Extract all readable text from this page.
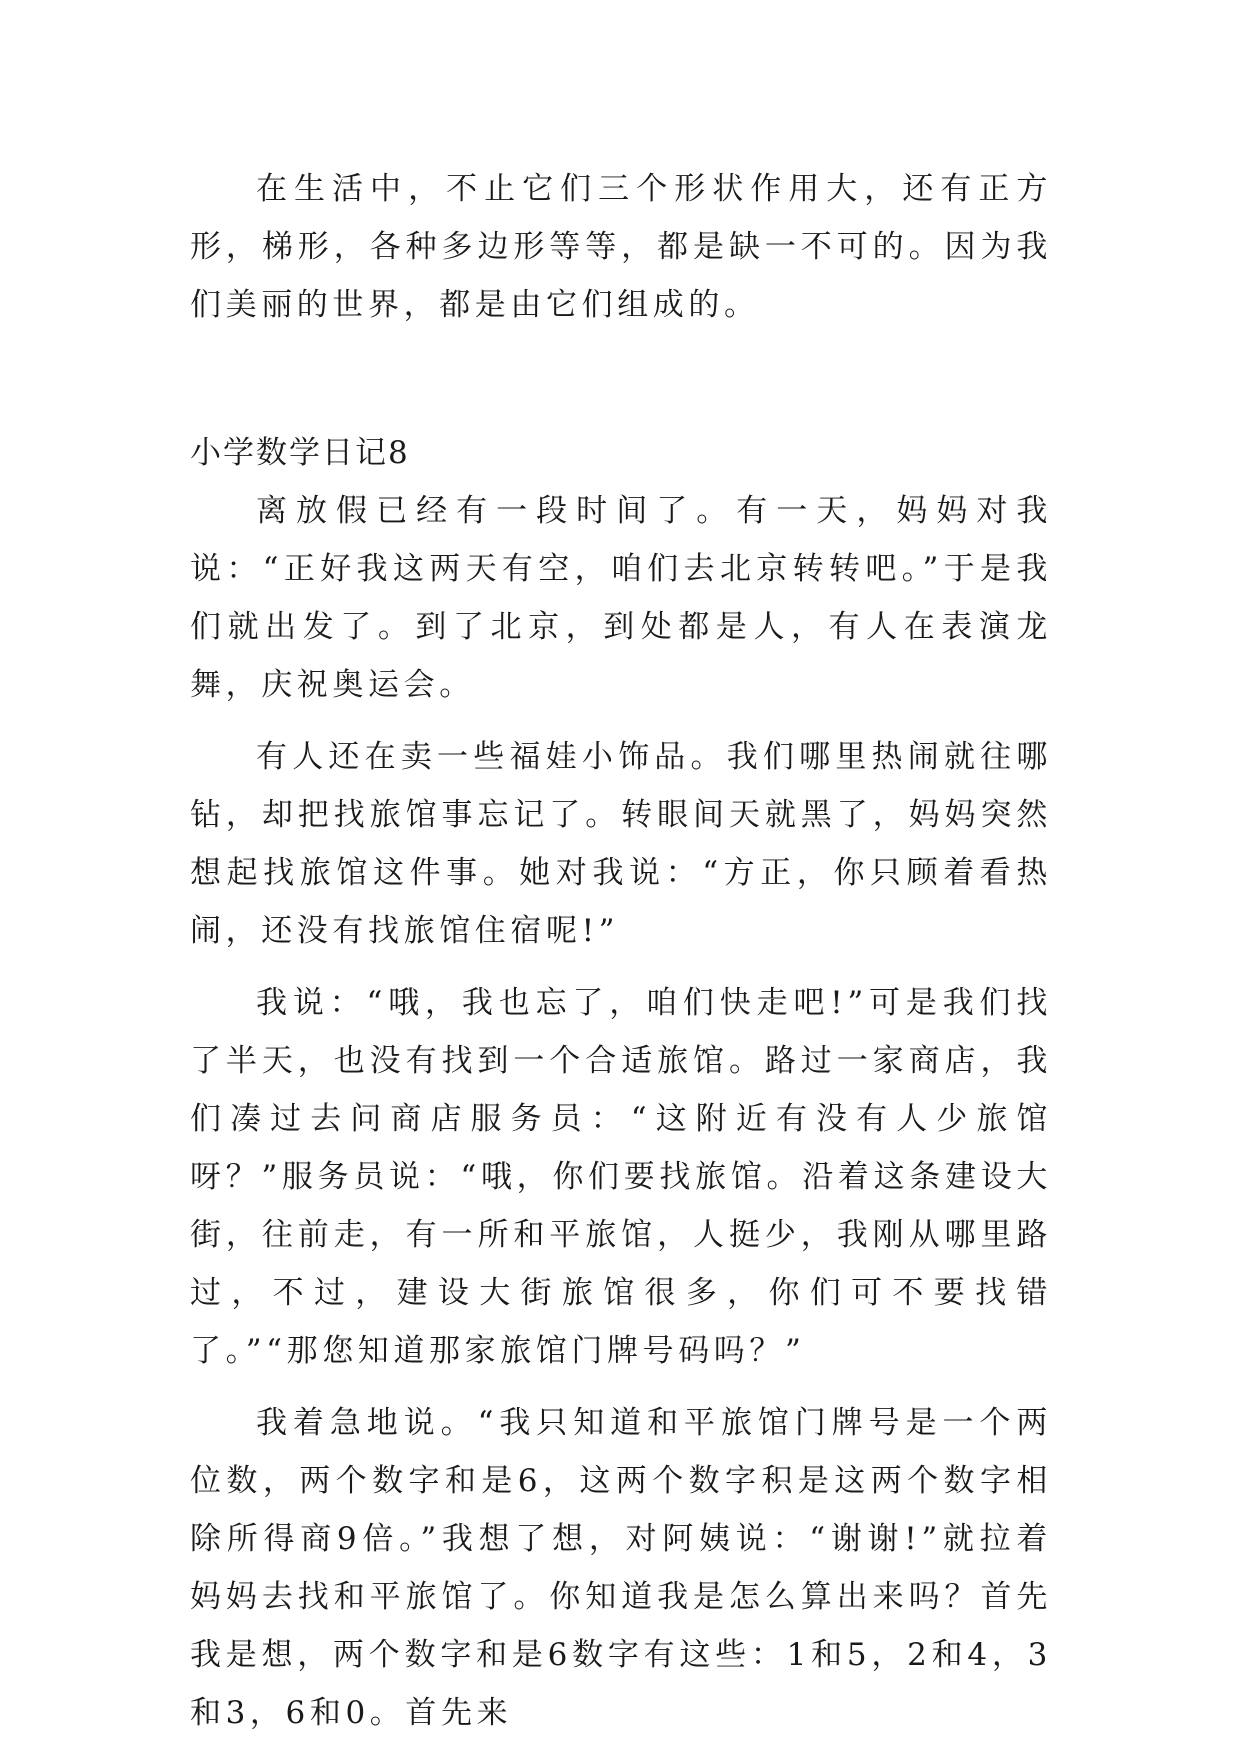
在生活中，不止它们三个形状作用大，还有正方形，梯形，各种多边形等等，都是缺一不可的。因为我们美丽的世界，都是由它们组成的。

小学数学日记8

离放假已经有一段时间了。有一天，妈妈对我说：“正好我这两天有空，咱们去北京转转吧。”于是我们就出发了。到了北京，到处都是人，有人在表演龙舞，庆祝奥运会。

有人还在卖一些福娃小饰品。我们哪里热闹就往哪钻，却把找旅馆事忘记了。转眼间天就黑了，妈妈突然想起找旅馆这件事。她对我说：“方正，你只顾着看热闹，还没有找旅馆住宿呢!”

我说：“哦，我也忘了，咱们快走吧!”可是我们找了半天，也没有找到一个合适旅馆。路过一家商店，我们凑过去问商店服务员：“这附近有没有人少旅馆呀？”服务员说：“哦，你们要找旅馆。沿着这条建设大街，往前走，有一所和平旅馆，人挺少，我刚从哪里路过，不过，建设大街旅馆很多，你们可不要找错了。”“那您知道那家旅馆门牌号码吗？”

我着急地说。“我只知道和平旅馆门牌号是一个两位数，两个数字和是6，这两个数字积是这两个数字相除所得商9倍。”我想了想，对阿姨说：“谢谢!”就拉着妈妈去找和平旅馆了。你知道我是怎么算出来吗？首先我是想，两个数字和是6数字有这些：1和5，2和4，3和3，6和0。首先来
